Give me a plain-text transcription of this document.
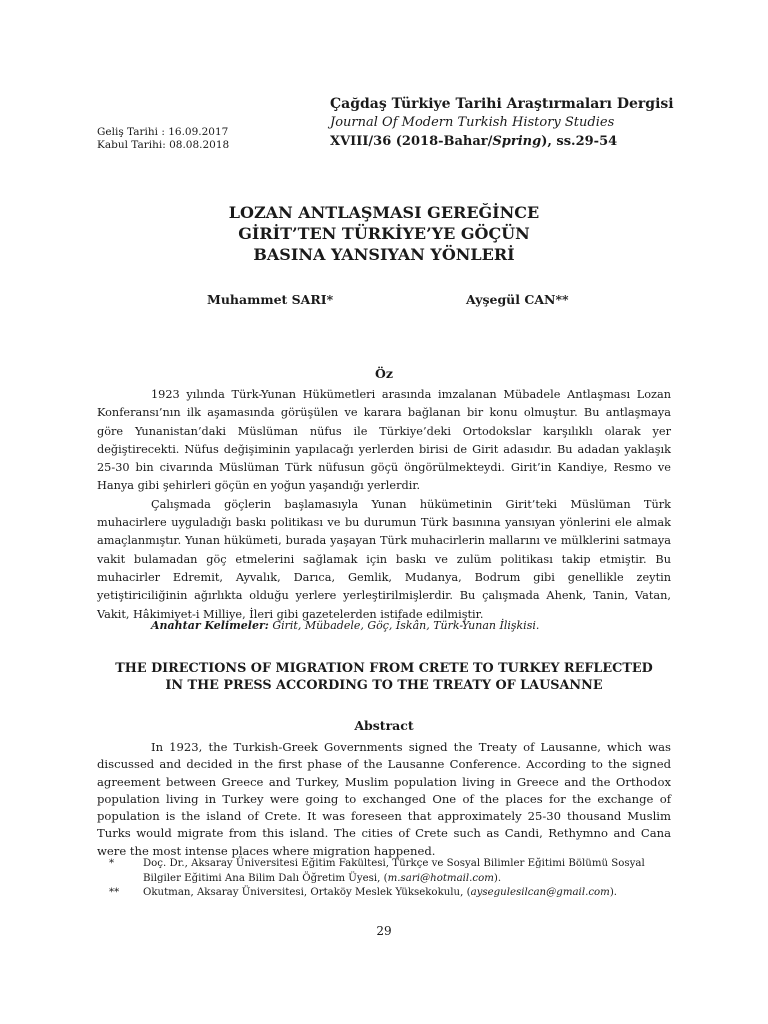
Geliş Tarihi : 16.09.2017
Kabul Tarihi: 08.08.2018
Çağdaş Türkiye Tarihi Araştırmaları Dergisi
Journal Of Modern Turkish History Studies
XVIII/36 (2018-Bahar/Spring), ss.29-54
LOZAN ANTLAŞMASI GEREĞİNCE
GİRİT’TEN TÜRKİYE’YE GÖÇÜN
BASINA YANSIYAN YÖNLERİ
Muhammet SARI*	Ayşegül CAN**
Öz

1923 yılında Türk-Yunan Hükümetleri arasında imzalanan Mübadele Antlaşması Lozan Konferansı’nın ilk aşamasında görüşülen ve karara bağlanan bir konu olmuştur. Bu antlaşmaya göre Yunanistan’daki Müslüman nüfus ile Türkiye’deki Ortodokslar karşılıklı olarak yer değiştirecekti. Nüfus değişiminin yapılacağı yerlerden birisi de Girit adasıdır. Bu adadan yaklaşık 25-30 bin civarında Müslüman Türk nüfusun göçü öngörülmekteydi. Girit’in Kandiye, Resmo ve Hanya gibi şehirleri göçün en yoğun yaşandığı yerlerdir.

Çalışmada göçlerin başlamasıyla Yunan hükümetinin Girit’teki Müslüman Türk muhacirlere uyguladığı baskı politikası ve bu durumun Türk basınına yansıyan yönlerini ele almak amaçlanmıştır. Yunan hükümeti, burada yaşayan Türk muhacirlerin mallarını ve mülklerini satmaya vakit bulamadan göç etmelerini sağlamak için baskı ve zulüm politikası takip etmiştir. Bu muhacirler Edremit, Ayvalık, Darıca, Gemlik, Mudanya, Bodrum gibi genellikle zeytin yetiştiriciliğinin ağırlıkta olduğu yerlere yerleştirilmişlerdir. Bu çalışmada Ahenk, Tanin, Vatan, Vakit, Hâkimiyet-i Milliye, İleri gibi gazetelerden istifade edilmiştir.

Anahtar Kelimeler: Girit, Mübadele, Göç, İskân, Türk-Yunan İlişkisi.
THE DIRECTIONS OF MIGRATION FROM CRETE TO TURKEY REFLECTED
IN THE PRESS ACCORDING TO THE TREATY OF LAUSANNE
Abstract

In 1923, the Turkish-Greek Governments signed the Treaty of Lausanne, which was discussed and decided in the first phase of the Lausanne Conference. According to the signed agreement between Greece and Turkey, Muslim population living in Greece and the Orthodox population living in Turkey were going to exchanged One of the places for the exchange of population is the island of Crete. It was foreseen that approximately 25-30 thousand Muslim Turks would migrate from this island. The cities of Crete such as Candi, Rethymno and Cana were the most intense places where migration happened.

*	Doç. Dr., Aksaray Üniversitesi Eğitim Fakültesi, Türkçe ve Sosyal Bilimler Eğitimi Bölümü Sosyal Bilgiler Eğitimi Ana Bilim Dalı Öğretim Üyesi, (m.sari@hotmail.com).
**	Okutman, Aksaray Üniversitesi, Ortaköy Meslek Yüksekokulu, (aysegulesilcan@gmail.com).
29
